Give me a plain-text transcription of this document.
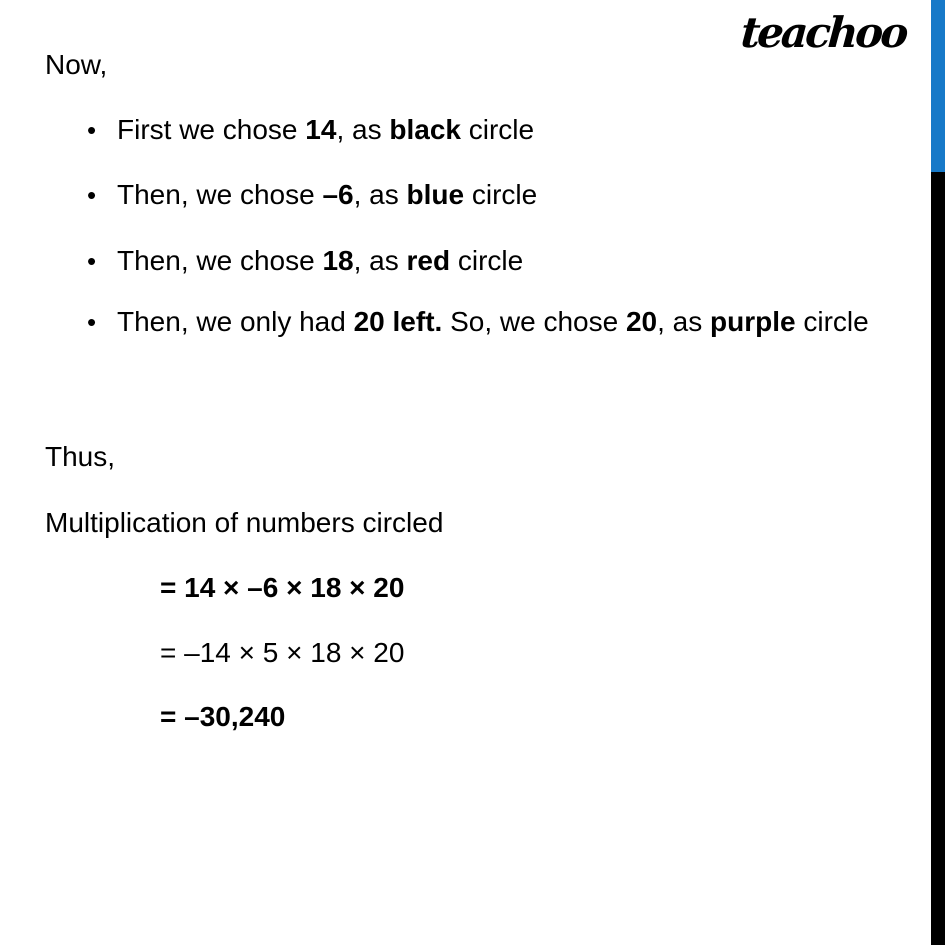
teachoo
Now,
• First we chose 14, as black circle
• Then, we chose –6, as blue circle
• Then, we chose 18, as red circle
• Then, we only had 20 left. So, we chose 20, as purple circle
Thus,
Multiplication of numbers circled
= 14 × –6 × 18 × 20
= –14 × 5 × 18 × 20
= –30,240
